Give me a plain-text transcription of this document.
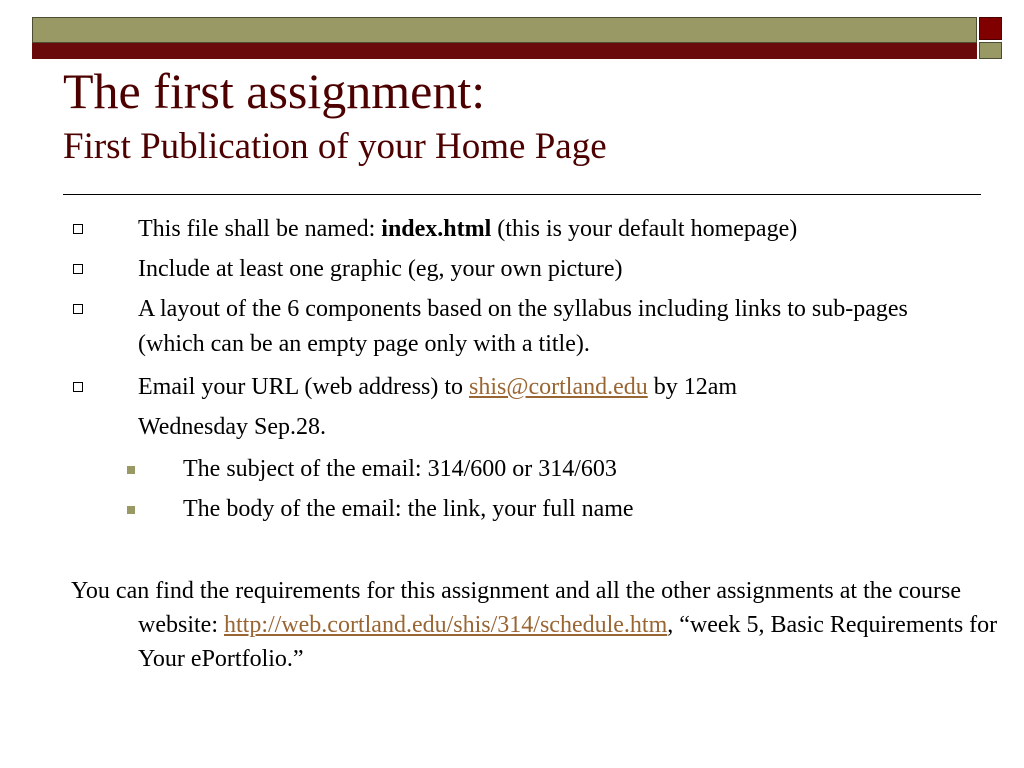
The first assignment:
First Publication of your Home Page
This file shall be named: index.html (this is your default homepage)
Include at least one graphic (eg, your own picture)
A layout of the 6 components based on the syllabus including links to sub-pages (which can be an empty page only with a title).
Email your URL (web address) to shis@cortland.edu by 12am
Wednesday Sep.28.
The subject of the email: 314/600 or 314/603
The body of the email: the link, your full name
You can find the requirements for this assignment and all the other assignments at the course website: http://web.cortland.edu/shis/314/schedule.htm, “week 5, Basic Requirements for Your ePortfolio.”
